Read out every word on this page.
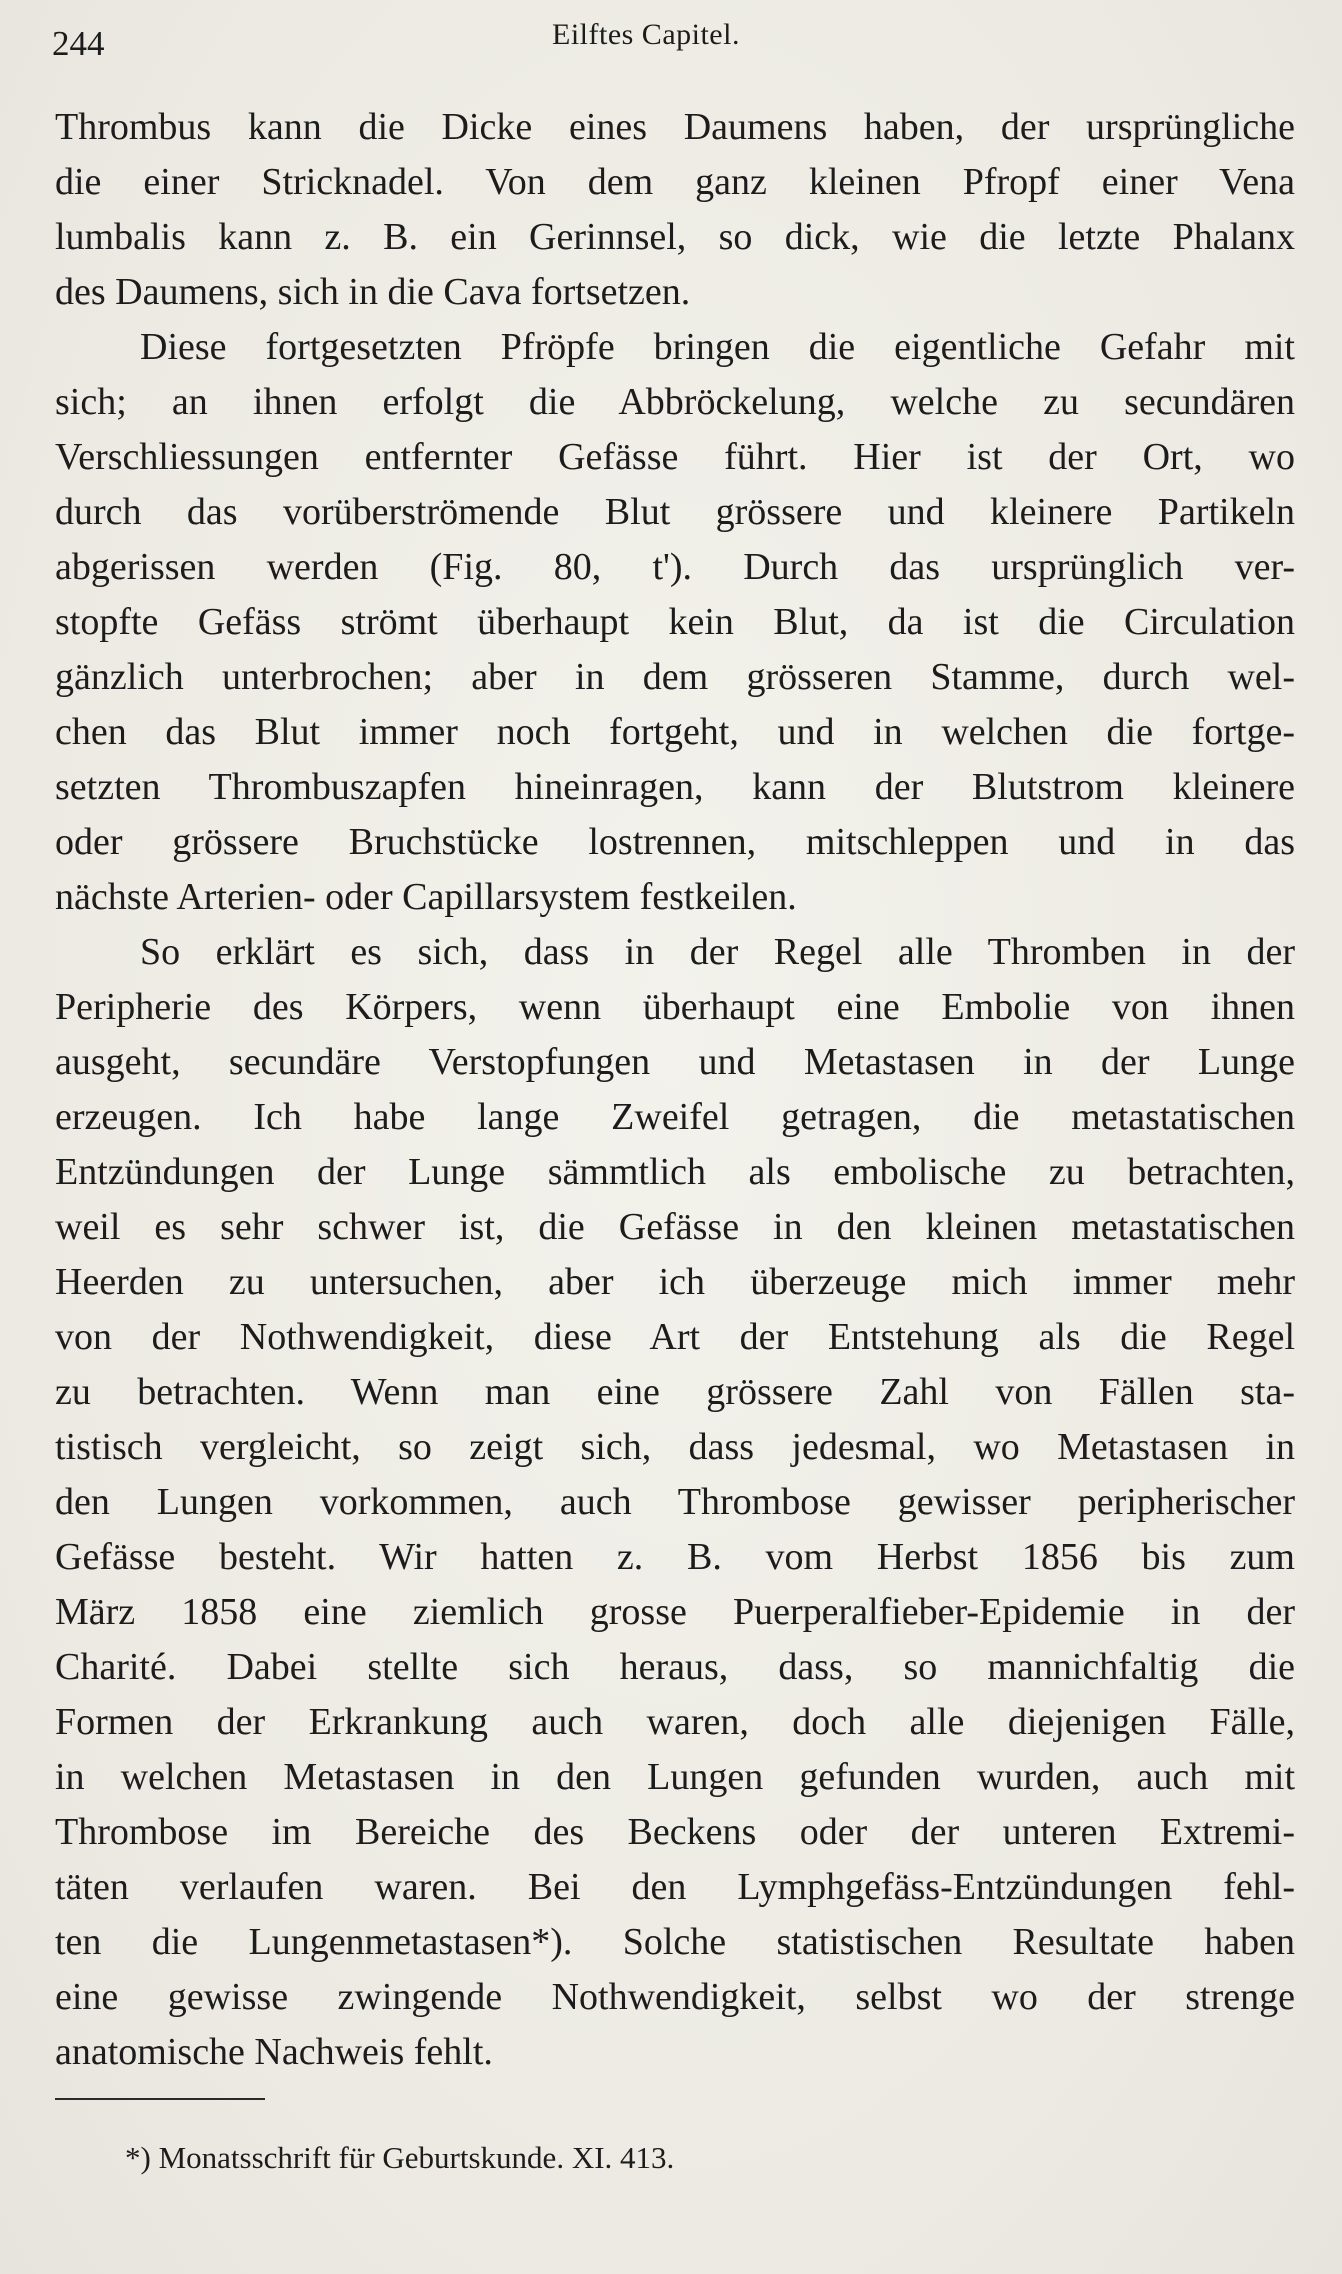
244	Eilftes Capitel.
Thrombus kann die Dicke eines Daumens haben, der ursprüngliche
die einer Stricknadel. Von dem ganz kleinen Pfropf einer Vena
lumbalis kann z. B. ein Gerinnsel, so dick, wie die letzte Phalanx
des Daumens, sich in die Cava fortsetzen.
Diese fortgesetzten Pfröpfe bringen die eigentliche Gefahr mit
sich; an ihnen erfolgt die Abbröckelung, welche zu secundären
Verschliessungen entfernter Gefässe führt. Hier ist der Ort, wo
durch das vorüberströmende Blut grössere und kleinere Partikeln
abgerissen werden (Fig. 80, t'). Durch das ursprünglich ver-
stopfte Gefäss strömt überhaupt kein Blut, da ist die Circulation
gänzlich unterbrochen; aber in dem grösseren Stamme, durch wel-
chen das Blut immer noch fortgeht, und in welchen die fortge-
setzten Thrombuszapfen hineinragen, kann der Blutstrom kleinere
oder grössere Bruchstücke lostrennen, mitschleppen und in das
nächste Arterien- oder Capillarsystem festkeilen.
So erklärt es sich, dass in der Regel alle Thromben in der
Peripherie des Körpers, wenn überhaupt eine Embolie von ihnen
ausgeht, secundäre Verstopfungen und Metastasen in der Lunge
erzeugen. Ich habe lange Zweifel getragen, die metastatischen
Entzündungen der Lunge sämmtlich als embolische zu betrachten,
weil es sehr schwer ist, die Gefässe in den kleinen metastatischen
Heerden zu untersuchen, aber ich überzeuge mich immer mehr
von der Nothwendigkeit, diese Art der Entstehung als die Regel
zu betrachten. Wenn man eine grössere Zahl von Fällen sta-
tistisch vergleicht, so zeigt sich, dass jedesmal, wo Metastasen in
den Lungen vorkommen, auch Thrombose gewisser peripherischer
Gefässe besteht. Wir hatten z. B. vom Herbst 1856 bis zum
März 1858 eine ziemlich grosse Puerperalfieber-Epidemie in der
Charité. Dabei stellte sich heraus, dass, so mannichfaltig die
Formen der Erkrankung auch waren, doch alle diejenigen Fälle,
in welchen Metastasen in den Lungen gefunden wurden, auch mit
Thrombose im Bereiche des Beckens oder der unteren Extremi-
täten verlaufen waren. Bei den Lymphgefäss-Entzündungen fehl-
ten die Lungenmetastasen*). Solche statistischen Resultate haben
eine gewisse zwingende Nothwendigkeit, selbst wo der strenge
anatomische Nachweis fehlt.
*) Monatsschrift für Geburtskunde. XI. 413.
